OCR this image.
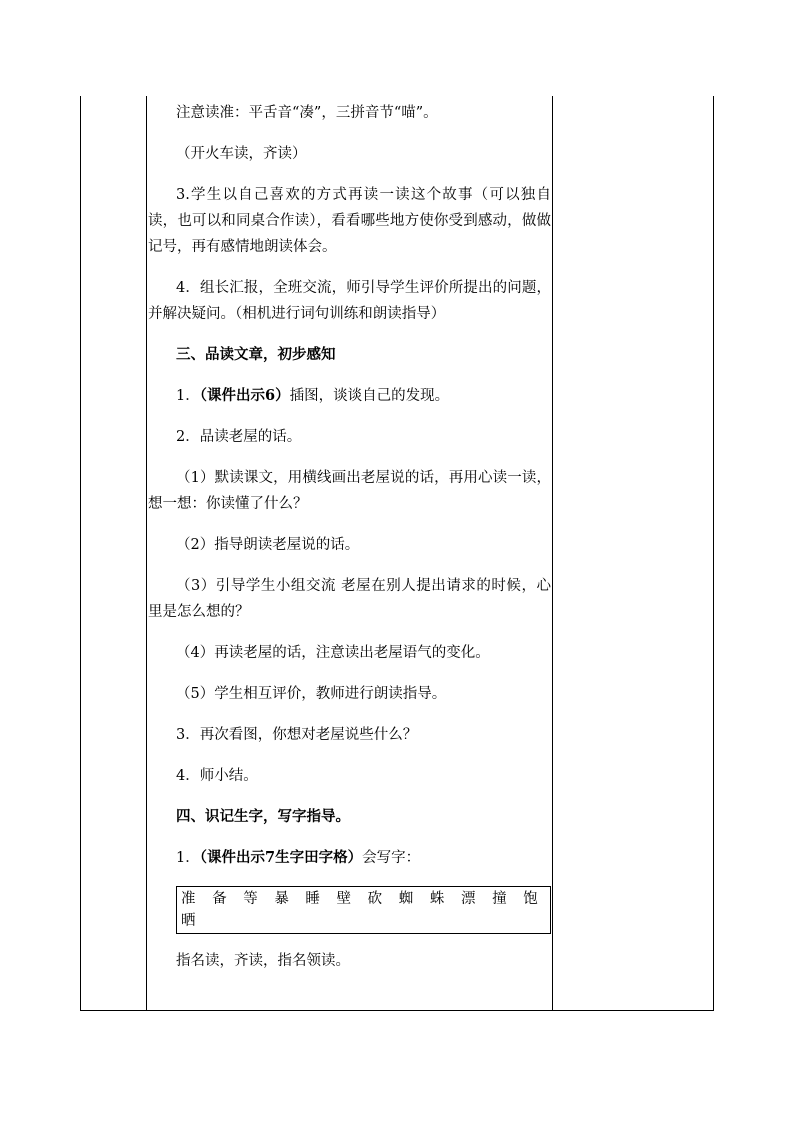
注意读准：平舌音“凑”，三拼音节“喵”。

（开火车读，齐读）

3.学生以自己喜欢的方式再读一读这个故事（可以独自读，也可以和同桌合作读），看看哪些地方使你受到感动，做做记号，再有感情地朗读体会。

4．组长汇报，全班交流，师引导学生评价所提出的问题，并解决疑问。（相机进行词句训练和朗读指导）

三、品读文章，初步感知

1．（课件出示6）插图，谈谈自己的发现。

2．品读老屋的话。

（1）默读课文，用横线画出老屋说的话，再用心读一读，想一想：你读懂了什么？

（2）指导朗读老屋说的话。

（3）引导学生小组交流 老屋在别人提出请求的时候，心里是怎么想的？

（4）再读老屋的话，注意读出老屋语气的变化。

（5）学生相互评价，教师进行朗读指导。

3．再次看图，你想对老屋说些什么？

4．师小结。

四、识记生字，写字指导。

1．（课件出示7生字田字格）会写字：

准 备 等 暴 睡 壁 砍 蜘 蛛 漂 撞 饱 晒

指名读，齐读，指名领读。
